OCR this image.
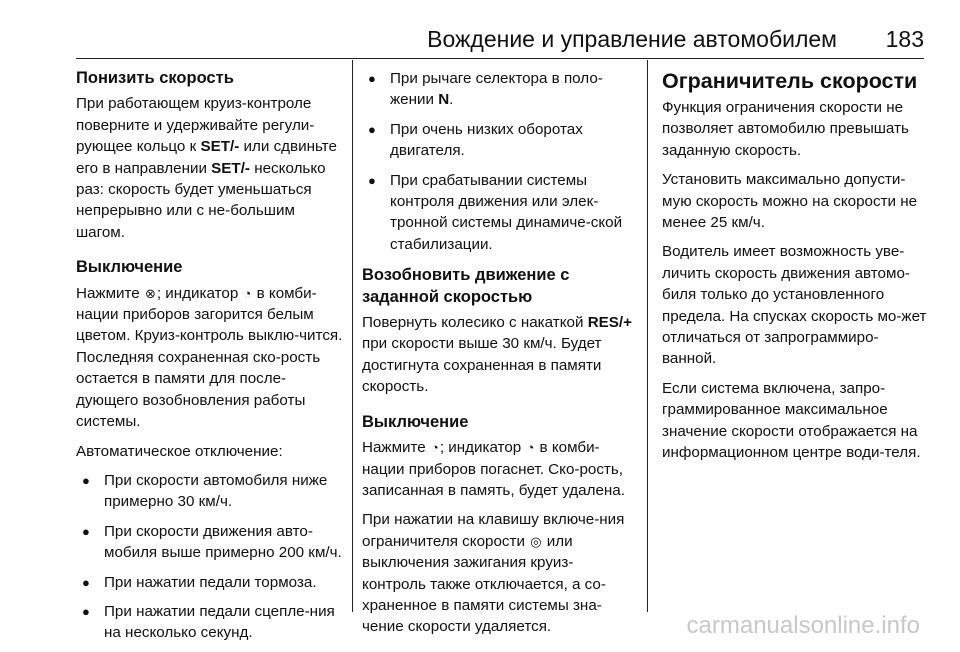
Вождение и управление автомобилем 183
Понизить скорость
При работающем круиз-контроле поверните и удерживайте регули-рующее кольцо к SET/- или сдвиньте его в направлении SET/- несколько раз: скорость будет уменьшаться непрерывно или с не-большим шагом.
Выключение
Нажмите ⊗; индикатор ◔ в комби-нации приборов загорится белым цветом. Круиз-контроль выклю-чится. Последняя сохраненная ско-рость остается в памяти для после-дующего возобновления работы системы.
Автоматическое отключение:
● При скорости автомобиля ниже примерно 30 км/ч.
● При скорости движения авто-мобиля выше примерно 200 км/ч.
● При нажатии педали тормоза.
● При нажатии педали сцепле-ния на несколько секунд.
● При рычаге селектора в поло-жении N.
● При очень низких оборотах двигателя.
● При срабатывании системы контроля движения или элек-тронной системы динамиче-ской стабилизации.
Возобновить движение с заданной скоростью
Повернуть колесико с накаткой RES/+ при скорости выше 30 км/ч. Будет достигнута сохраненная в памяти скорость.
Выключение
Нажмите ◔; индикатор ◔ в комби-нации приборов погаснет. Ско-рость, записанная в память, будет удалена.
При нажатии на клавишу включе-ния ограничителя скорости ◎ или выключения зажигания круиз-контроль также отключается, а со-храненное в памяти системы зна-чение скорости удаляется.
Ограничитель скорости
Функция ограничения скорости не позволяет автомобилю превышать заданную скорость.
Установить максимально допусти-мую скорость можно на скорости не менее 25 км/ч.
Водитель имеет возможность уве-личить скорость движения автомо-биля только до установленного предела. На спусках скорость мо-жет отличаться от запрограммиро-ванной.
Если система включена, запро-граммированное максимальное значение скорости отображается на информационном центре води-теля.
carmanualsonline.info
